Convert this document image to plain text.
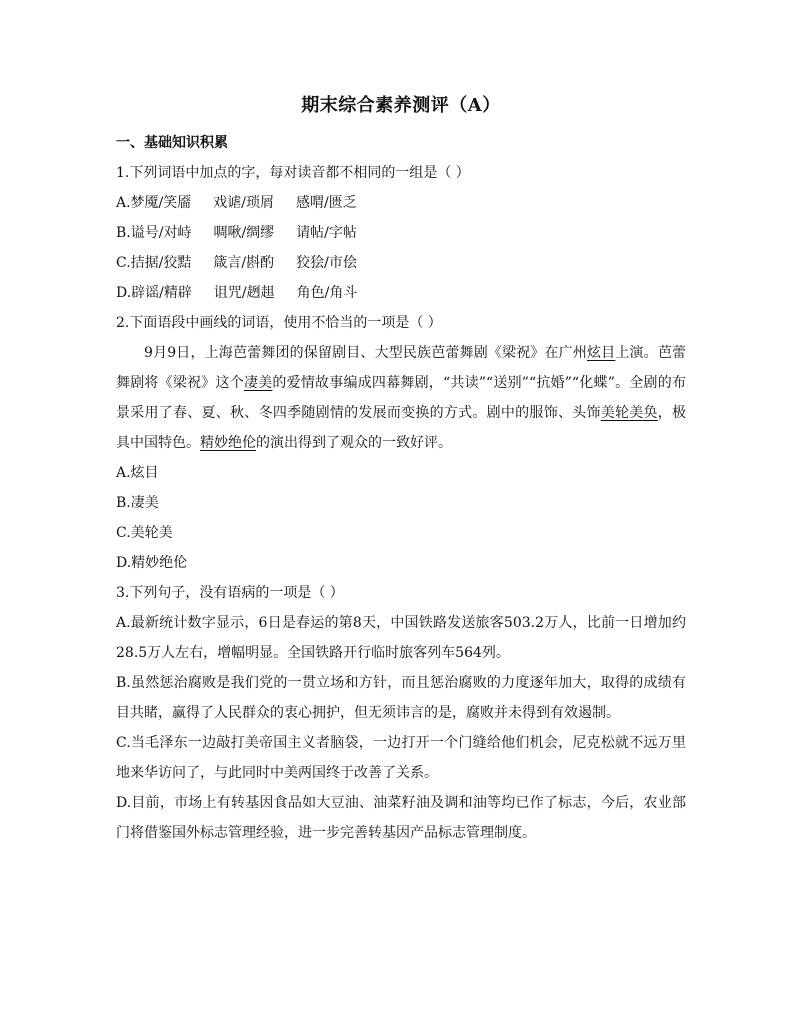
期末综合素养测评（A）

一、基础知识积累

1.下列词语中加点的字，每对读音都不相同的一组是（ ）

A.梦魇/笑靥 戏谑/琐屑 感喟/匮乏

B.谥号/对峙 啁啾/绸缪 请帖/字帖

C.拮据/狡黠 箴言/斟酌 狡狯/市侩

D.辟谣/精辟 诅咒/趔趄 角色/角斗

2.下面语段中画线的词语，使用不恰当的一项是（ ）

9月9日，上海芭蕾舞团的保留剧目、大型民族芭蕾舞剧《梁祝》在广州炫目上演。芭蕾舞剧将《梁祝》这个凄美的爱情故事编成四幕舞剧，“共读”“送别”“抗婚”“化蝶”。全剧的布景采用了春、夏、秋、冬四季随剧情的发展而变换的方式。剧中的服饰、头饰美轮美奂，极具中国特色。精妙绝伦的演出得到了观众的一致好评。

A.炫目

B.凄美

C.美轮美

D.精妙绝伦

3.下列句子，没有语病的一项是（ ）

A.最新统计数字显示，6日是春运的第8天，中国铁路发送旅客503.2万人，比前一日增加约28.5万人左右，增幅明显。全国铁路开行临时旅客列车564列。

B.虽然惩治腐败是我们党的一贯立场和方针，而且惩治腐败的力度逐年加大，取得的成绩有目共睹，赢得了人民群众的衷心拥护，但无须讳言的是，腐败并未得到有效遏制。

C.当毛泽东一边敲打美帝国主义者脑袋，一边打开一个门缝给他们机会，尼克松就不远万里地来华访问了，与此同时中美两国终于改善了关系。

D.目前，市场上有转基因食品如大豆油、油菜籽油及调和油等均已作了标志，今后，农业部门将借鉴国外标志管理经验，进一步完善转基因产品标志管理制度。
